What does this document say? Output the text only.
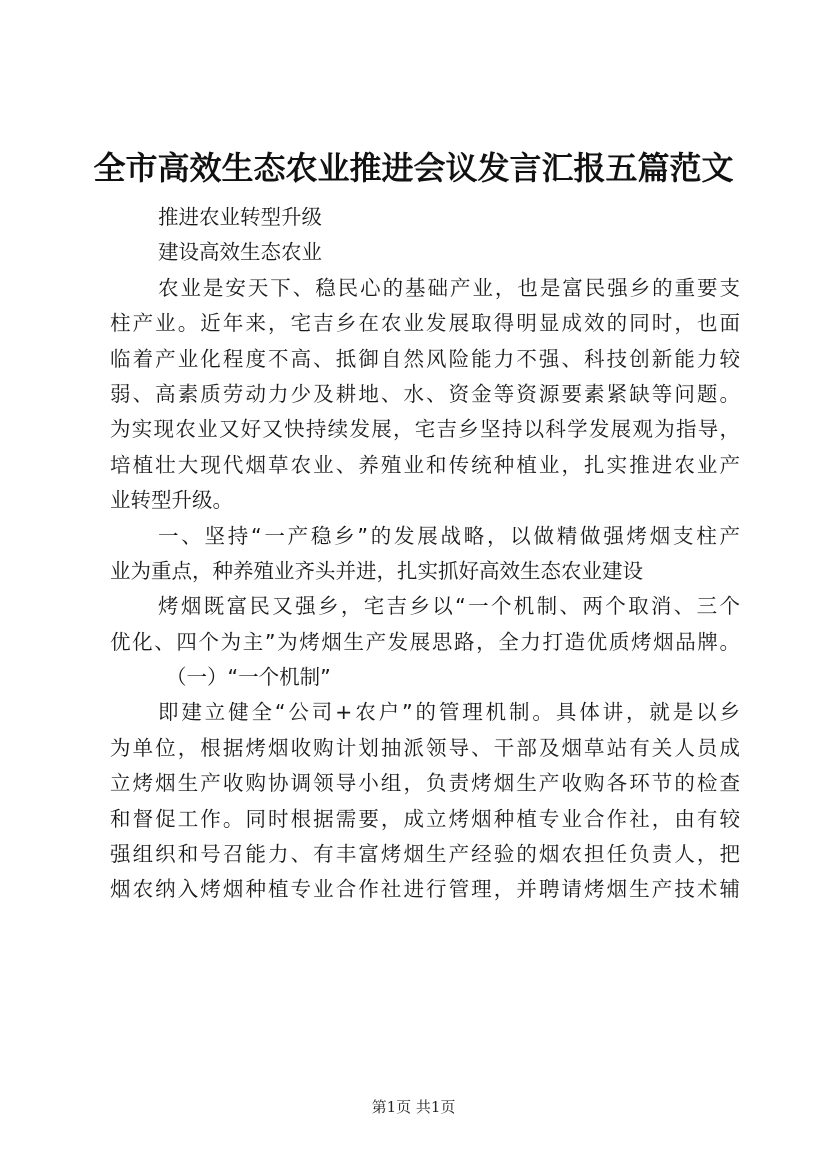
全市高效生态农业推进会议发言汇报五篇范文
推进农业转型升级
建设高效生态农业
农业是安天下、稳民心的基础产业，也是富民强乡的重要支
柱产业。近年来，宅吉乡在农业发展取得明显成效的同时，也面
临着产业化程度不高、抵御自然风险能力不强、科技创新能力较
弱、高素质劳动力少及耕地、水、资金等资源要素紧缺等问题。
为实现农业又好又快持续发展，宅吉乡坚持以科学发展观为指导，
培植壮大现代烟草农业、养殖业和传统种植业，扎实推进农业产
业转型升级。
一、坚持“一产稳乡”的发展战略，以做精做强烤烟支柱产
业为重点，种养殖业齐头并进，扎实抓好高效生态农业建设
烤烟既富民又强乡，宅吉乡以“一个机制、两个取消、三个
优化、四个为主”为烤烟生产发展思路，全力打造优质烤烟品牌。
（一）“一个机制”
即建立健全“公司+农户”的管理机制。具体讲，就是以乡
为单位，根据烤烟收购计划抽派领导、干部及烟草站有关人员成
立烤烟生产收购协调领导小组，负责烤烟生产收购各环节的检查
和督促工作。同时根据需要，成立烤烟种植专业合作社，由有较
强组织和号召能力、有丰富烤烟生产经验的烟农担任负责人，把
烟农纳入烤烟种植专业合作社进行管理，并聘请烤烟生产技术辅
第1页 共1页
